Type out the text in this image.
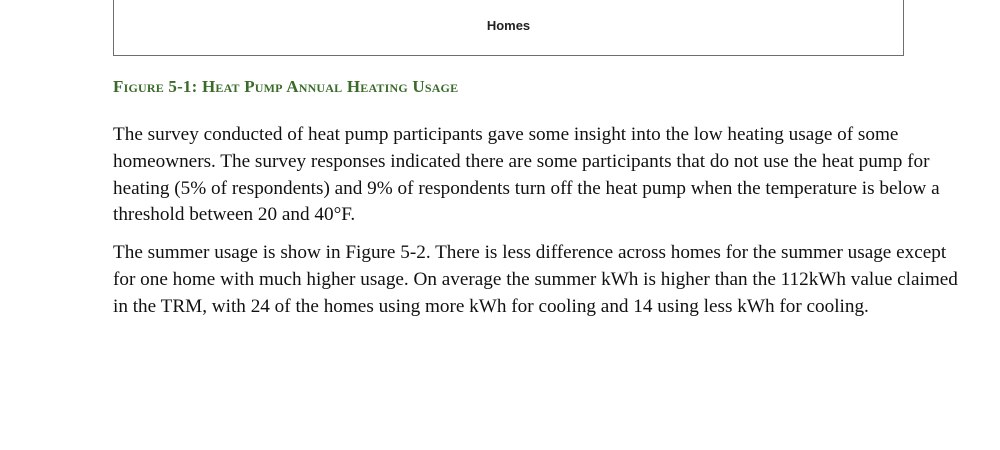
Homes
Figure 5-1: Heat Pump Annual Heating Usage

The survey conducted of heat pump participants gave some insight into the low heating usage of some homeowners. The survey responses indicated there are some participants that do not use the heat pump for heating (5% of respondents) and 9% of respondents turn off the heat pump when the temperature is below a threshold between 20 and 40°F.

The summer usage is show in Figure 5-2. There is less difference across homes for the summer usage except for one home with much higher usage. On average the summer kWh is higher than the 112kWh value claimed in the TRM, with 24 of the homes using more kWh for cooling and 14 using less kWh for cooling.
